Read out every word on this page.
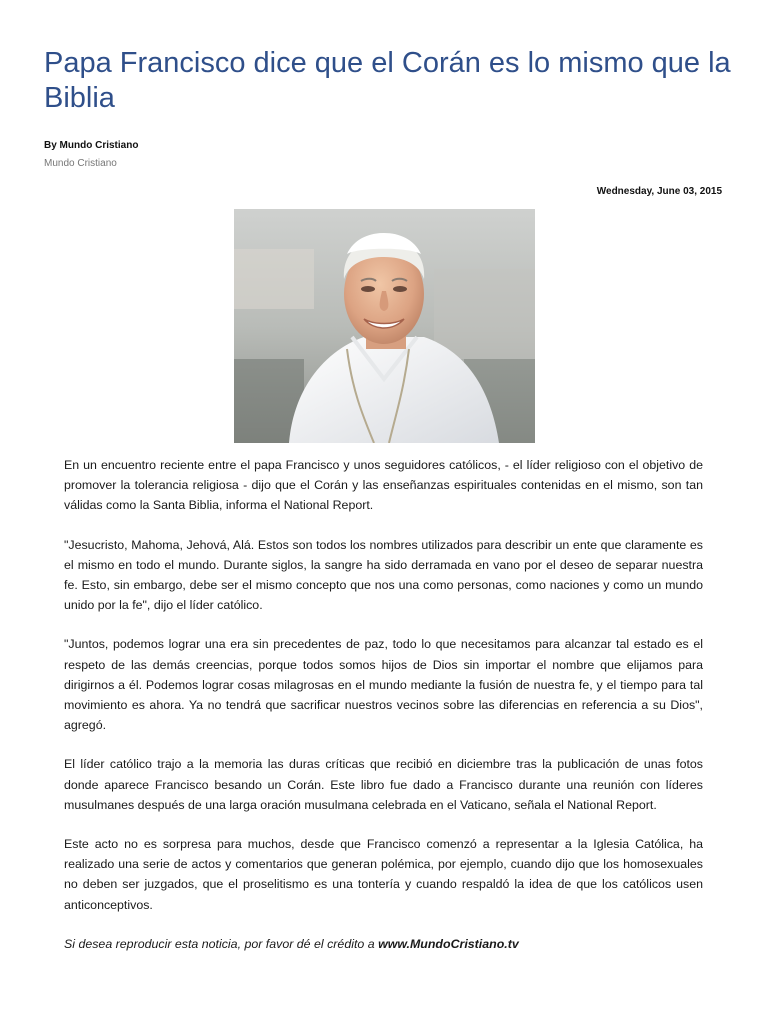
Papa Francisco dice que el Corán es lo mismo que la Biblia
By Mundo Cristiano
Mundo Cristiano
Wednesday, June 03, 2015

En un encuentro reciente entre el papa Francisco y unos seguidores católicos, - el líder religioso con el objetivo de promover la tolerancia religiosa - dijo que el Corán y las enseñanzas espirituales contenidas en el mismo, son tan válidas como la Santa Biblia, informa el National Report.

"Jesucristo, Mahoma, Jehová, Alá. Estos son todos los nombres utilizados para describir un ente que claramente es el mismo en todo el mundo. Durante siglos, la sangre ha sido derramada en vano por el deseo de separar nuestra fe. Esto, sin embargo, debe ser el mismo concepto que nos una como personas, como naciones y como un mundo unido por la fe", dijo el líder católico.

"Juntos, podemos lograr una era sin precedentes de paz, todo lo que necesitamos para alcanzar tal estado es el respeto de las demás creencias, porque todos somos hijos de Dios sin importar el nombre que elijamos para dirigirnos a él. Podemos lograr cosas milagrosas en el mundo mediante la fusión de nuestra fe, y el tiempo para tal movimiento es ahora. Ya no tendrá que sacrificar nuestros vecinos sobre las diferencias en referencia a su Dios", agregó.

El líder católico trajo a la memoria las duras críticas que recibió en diciembre tras la publicación de unas fotos donde aparece Francisco besando un Corán. Este libro fue dado a Francisco durante una reunión con líderes musulmanes después de una larga oración musulmana celebrada en el Vaticano, señala el National Report.

Este acto no es sorpresa para muchos, desde que Francisco comenzó a representar a la Iglesia Católica, ha realizado una serie de actos y comentarios que generan polémica, por ejemplo, cuando dijo que los homosexuales no deben ser juzgados, que el proselitismo es una tontería y cuando respaldó la idea de que los católicos usen anticonceptivos.

Si desea reproducir esta noticia, por favor dé el crédito a www.MundoCristiano.tv
